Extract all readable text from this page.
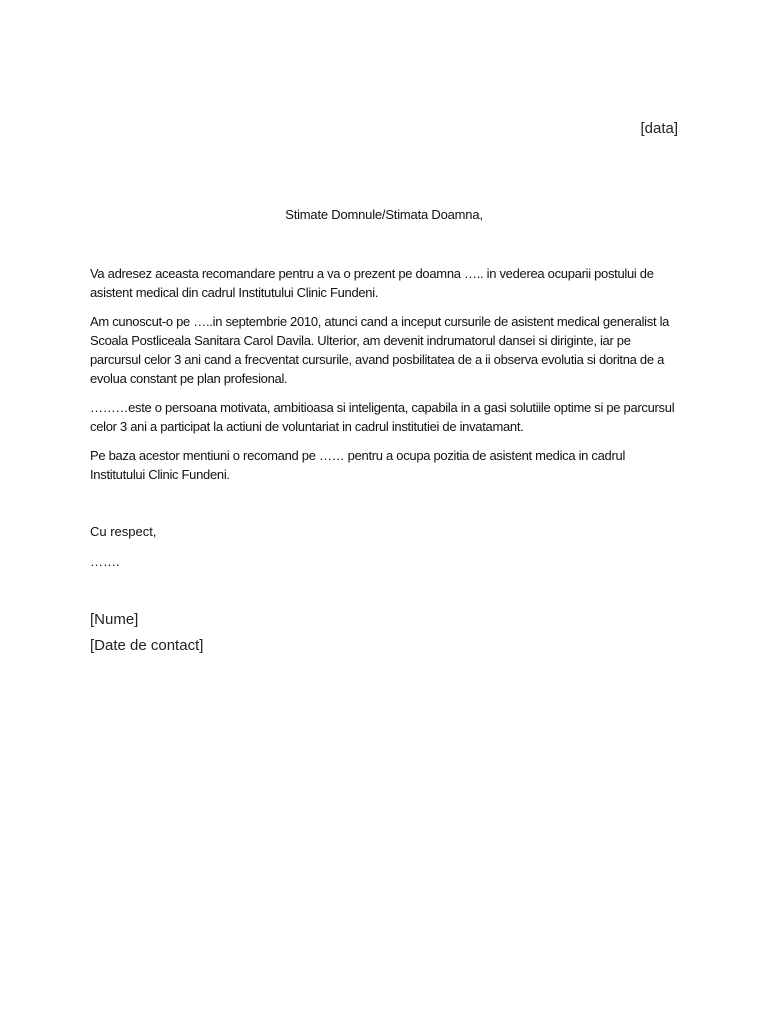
[data]
Stimate Domnule/Stimata Doamna,

Va adresez aceasta recomandare pentru a va o prezent pe doamna ….. in vederea ocuparii postului de asistent medical din cadrul Institutului Clinic Fundeni.

Am cunoscut-o pe …..in septembrie 2010, atunci cand a inceput cursurile de asistent medical generalist la Scoala Postliceala Sanitara Carol Davila. Ulterior, am devenit indrumatorul dansei si diriginte, iar pe parcursul celor 3 ani cand a frecventat cursurile, avand posbilitatea de a ii observa evolutia si doritna de a evolua constant pe plan profesional.

………este o persoana motivata, ambitioasa si inteligenta, capabila in a gasi solutiile optime si pe parcursul celor 3 ani a participat la actiuni de voluntariat in cadrul institutiei de invatamant.

Pe baza acestor mentiuni o recomand pe …… pentru a ocupa pozitia de asistent medica in cadrul Institutului Clinic Fundeni.

Cu respect,
…….
[Nume]
[Date de contact]
